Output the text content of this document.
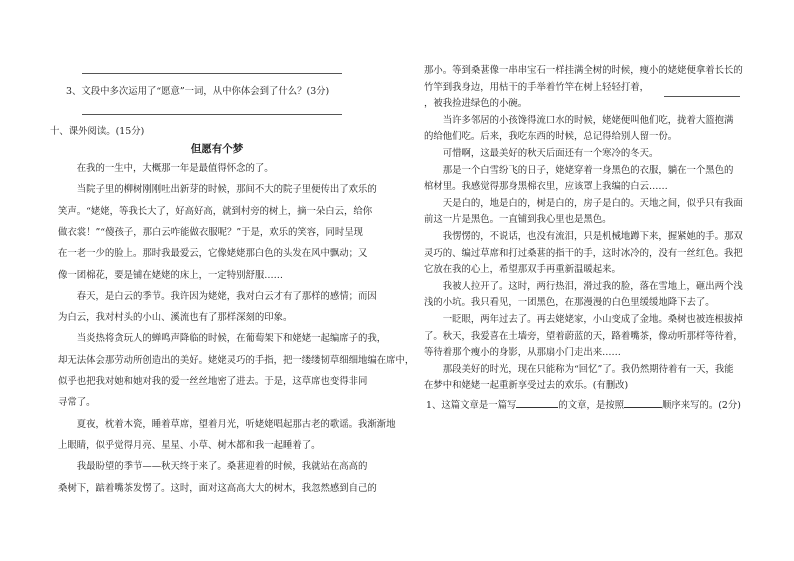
3、文段中多次运用了“愿意”一词，从中你体会到了什么？(3分)
十、课外阅读。(15分)
但愿有个梦
　　在我的一生中，大概那一年是最值得怀念的了。
　　当院子里的柳树刚刚吐出新芽的时候，那间不大的院子里便传出了欢乐的
笑声。“姥姥，等我长大了，好高好高，就到村旁的树上，摘一朵白云，给你
做衣裳！”“傻孩子，那白云咋能做衣服呢？”于是，欢乐的笑容，同时呈现
在一老一少的脸上。那时我最爱云，它像姥姥那白色的头发在风中飘动；又
像一团棉花，要是铺在姥姥的床上，一定特别舒服……
　　春天，是白云的季节。我许因为姥姥，我对白云才有了那样的感情；而因
为白云，我对村头的小山、溪流也有了那样深刻的印象。
　　当炎热将贪玩人的蝉鸣声降临的时候，在葡萄架下和姥姥一起编席子的我，
却无法体会那劳动所创造出的美好。姥姥灵巧的手指，把一缕缕韧草细细地编在席中，
似乎也把我对她和她对我的爱一丝丝地密了进去。于是，这草席也变得非同
寻常了。
　　夏夜，枕着木瓷，睡着草席，望着月光，听姥姥唱起那古老的歌谣。我渐渐地
上眼睛，似乎觉得月亮、星星、小草、树木都和我一起睡着了。
　　我最盼望的季节——秋天终于来了。桑葚迎着的时候，我就站在高高的
桑树下，踮着嘴茶发愣了。这时，面对这高高大大的树木，我忽然感到自己的
那小。等到桑葚像一串串宝石一样挂满全树的时候，瘦小的姥姥便拿着长长的
竹竿到我身边，用枯干的手举着竹竿在树上轻轻打着，
，被我捡进绿色的小碗。
　　当许多邻居的小孩馋得流口水的时候，姥姥便叫他们吃，拢着大篮抱满
的给他们吃。后来，我吃东西的时候，总记得给别人留一份。
　　可惜啊，这最美好的秋天后面还有一个寒冷的冬天。
　　那是一个白雪纷飞的日子，姥姥穿着一身黑色的衣服，躺在一个黑色的
棺材里。我感觉得那身黑棉衣里，应该罩上我编的白云……
　　天是白的，地是白的，树是白的，房子是白的。天地之间，似乎只有我面
前这一片是黑色。一直铺到我心里也是黑色。
　　我愣愣的，不说话，也没有流泪，只是机械地蹲下来，握紧她的手。那双
灵巧的、编过草席和打过桑葚的指干的手，这时冰冷的，没有一丝红色。我把
它放在我的心上，希望那双手再重新温暖起来。
　　我被人拉开了。这时，两行热泪，滑过我的脸，落在雪地上，砸出两个浅
浅的小坑。我只看见，一团黑色，在那漫漫的白色里缓缓地降下去了。
　　一眨眼，两年过去了。再去姥姥家，小山变成了金地。桑树也被连根拔掉
了。秋天，我爱喜在土墙旁，望着蔚蓝的天，路着嘴茶，像动听那样等待着，
等待着那个瘦小的身影，从那扇小门走出来……
　　那段美好的时光，现在只能称为“回忆”了。我仍然期待着有一天，我能
在梦中和姥姥一起重新享受过去的欢乐。(有删改)
1、这篇文章是一篇写	的文章，是按照	顺序来写的。(2分)
